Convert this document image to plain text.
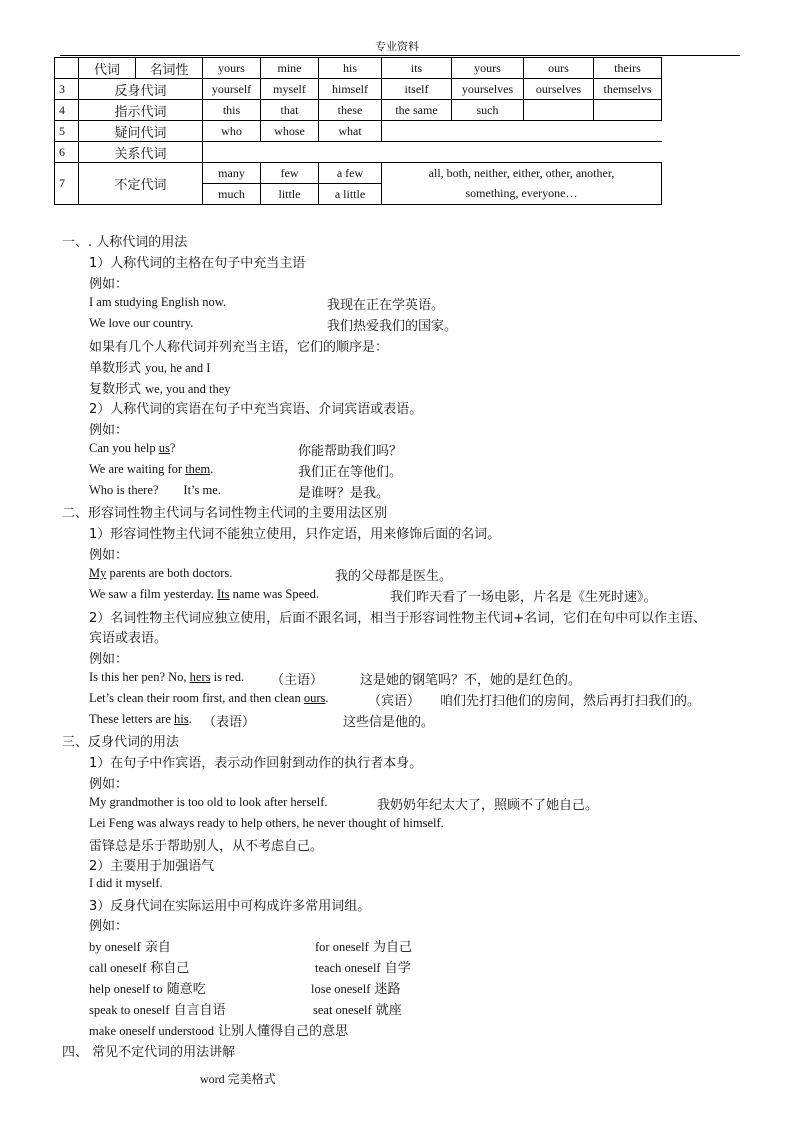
专业资料
	代词	名词性	yours	mine	his	its	yours	ours	theirs
3	反身代词		yourself	myself	himself	itself	yourselves	ourselves	themselvs
4	指示代词		this	that	these	the same	such		
5	疑问代词		who	whose	what				
6	关系代词								
7	不定代词		many	few	a few	all, both, neither, either, other, another,			
			much	little	a little	something, everyone…			
一、. 人称代词的用法
1）人称代词的主格在句子中充当主语
例如：
I am studying English now.	我现在正在学英语。
We love our country.	我们热爱我们的国家。
如果有几个人称代词并列充当主语，它们的顺序是：
单数形式 you, he and I
复数形式 we, you and they
2）人称代词的宾语在句子中充当宾语、介词宾语或表语。
例如：
Can you help us?	你能帮助我们吗？
We are waiting for them.	我们正在等他们。
Who is there?        It’s me.	是谁呀？是我。
二、形容词性物主代词与名词性物主代词的主要用法区别
1）形容词性物主代词不能独立使用，只作定语，用来修饰后面的名词。
例如：
My parents are both doctors.	我的父母都是医生。
We saw a film yesterday. Its name was Speed.	我们昨天看了一场电影，片名是《生死时速》。
2）名词性物主代词应独立使用，后面不跟名词，相当于形容词性物主代词+名词，它们在句中可以作主语、
宾语或表语。
例如：
Is this her pen? No, hers is red. （主语）	这是她的钢笔吗？不，她的是红色的。
Let’s clean their room first, and then clean ours.	（宾语） 咱们先打扫他们的房间，然后再打扫我们的。
These letters are his. （表语）	这些信是他的。
三、反身代词的用法
1）在句子中作宾语，表示动作回射到动作的执行者本身。
例如：
My grandmother is too old to look after herself.	我奶奶年纪太大了，照顾不了她自己。
Lei Feng was always ready to help others, he never thought of himself.
雷锋总是乐于帮助别人，从不考虑自己。
2）主要用于加强语气
I did it myself.
3）反身代词在实际运用中可构成许多常用词组。
例如：
by oneself 亲自	for oneself 为自己
call oneself 称自己	teach oneself 自学
help oneself to 随意吃	lose oneself 迷路
speak to oneself 自言自语	seat oneself 就座
make oneself understood 让别人懂得自己的意思
四、 常见不定代词的用法讲解
word 完美格式
